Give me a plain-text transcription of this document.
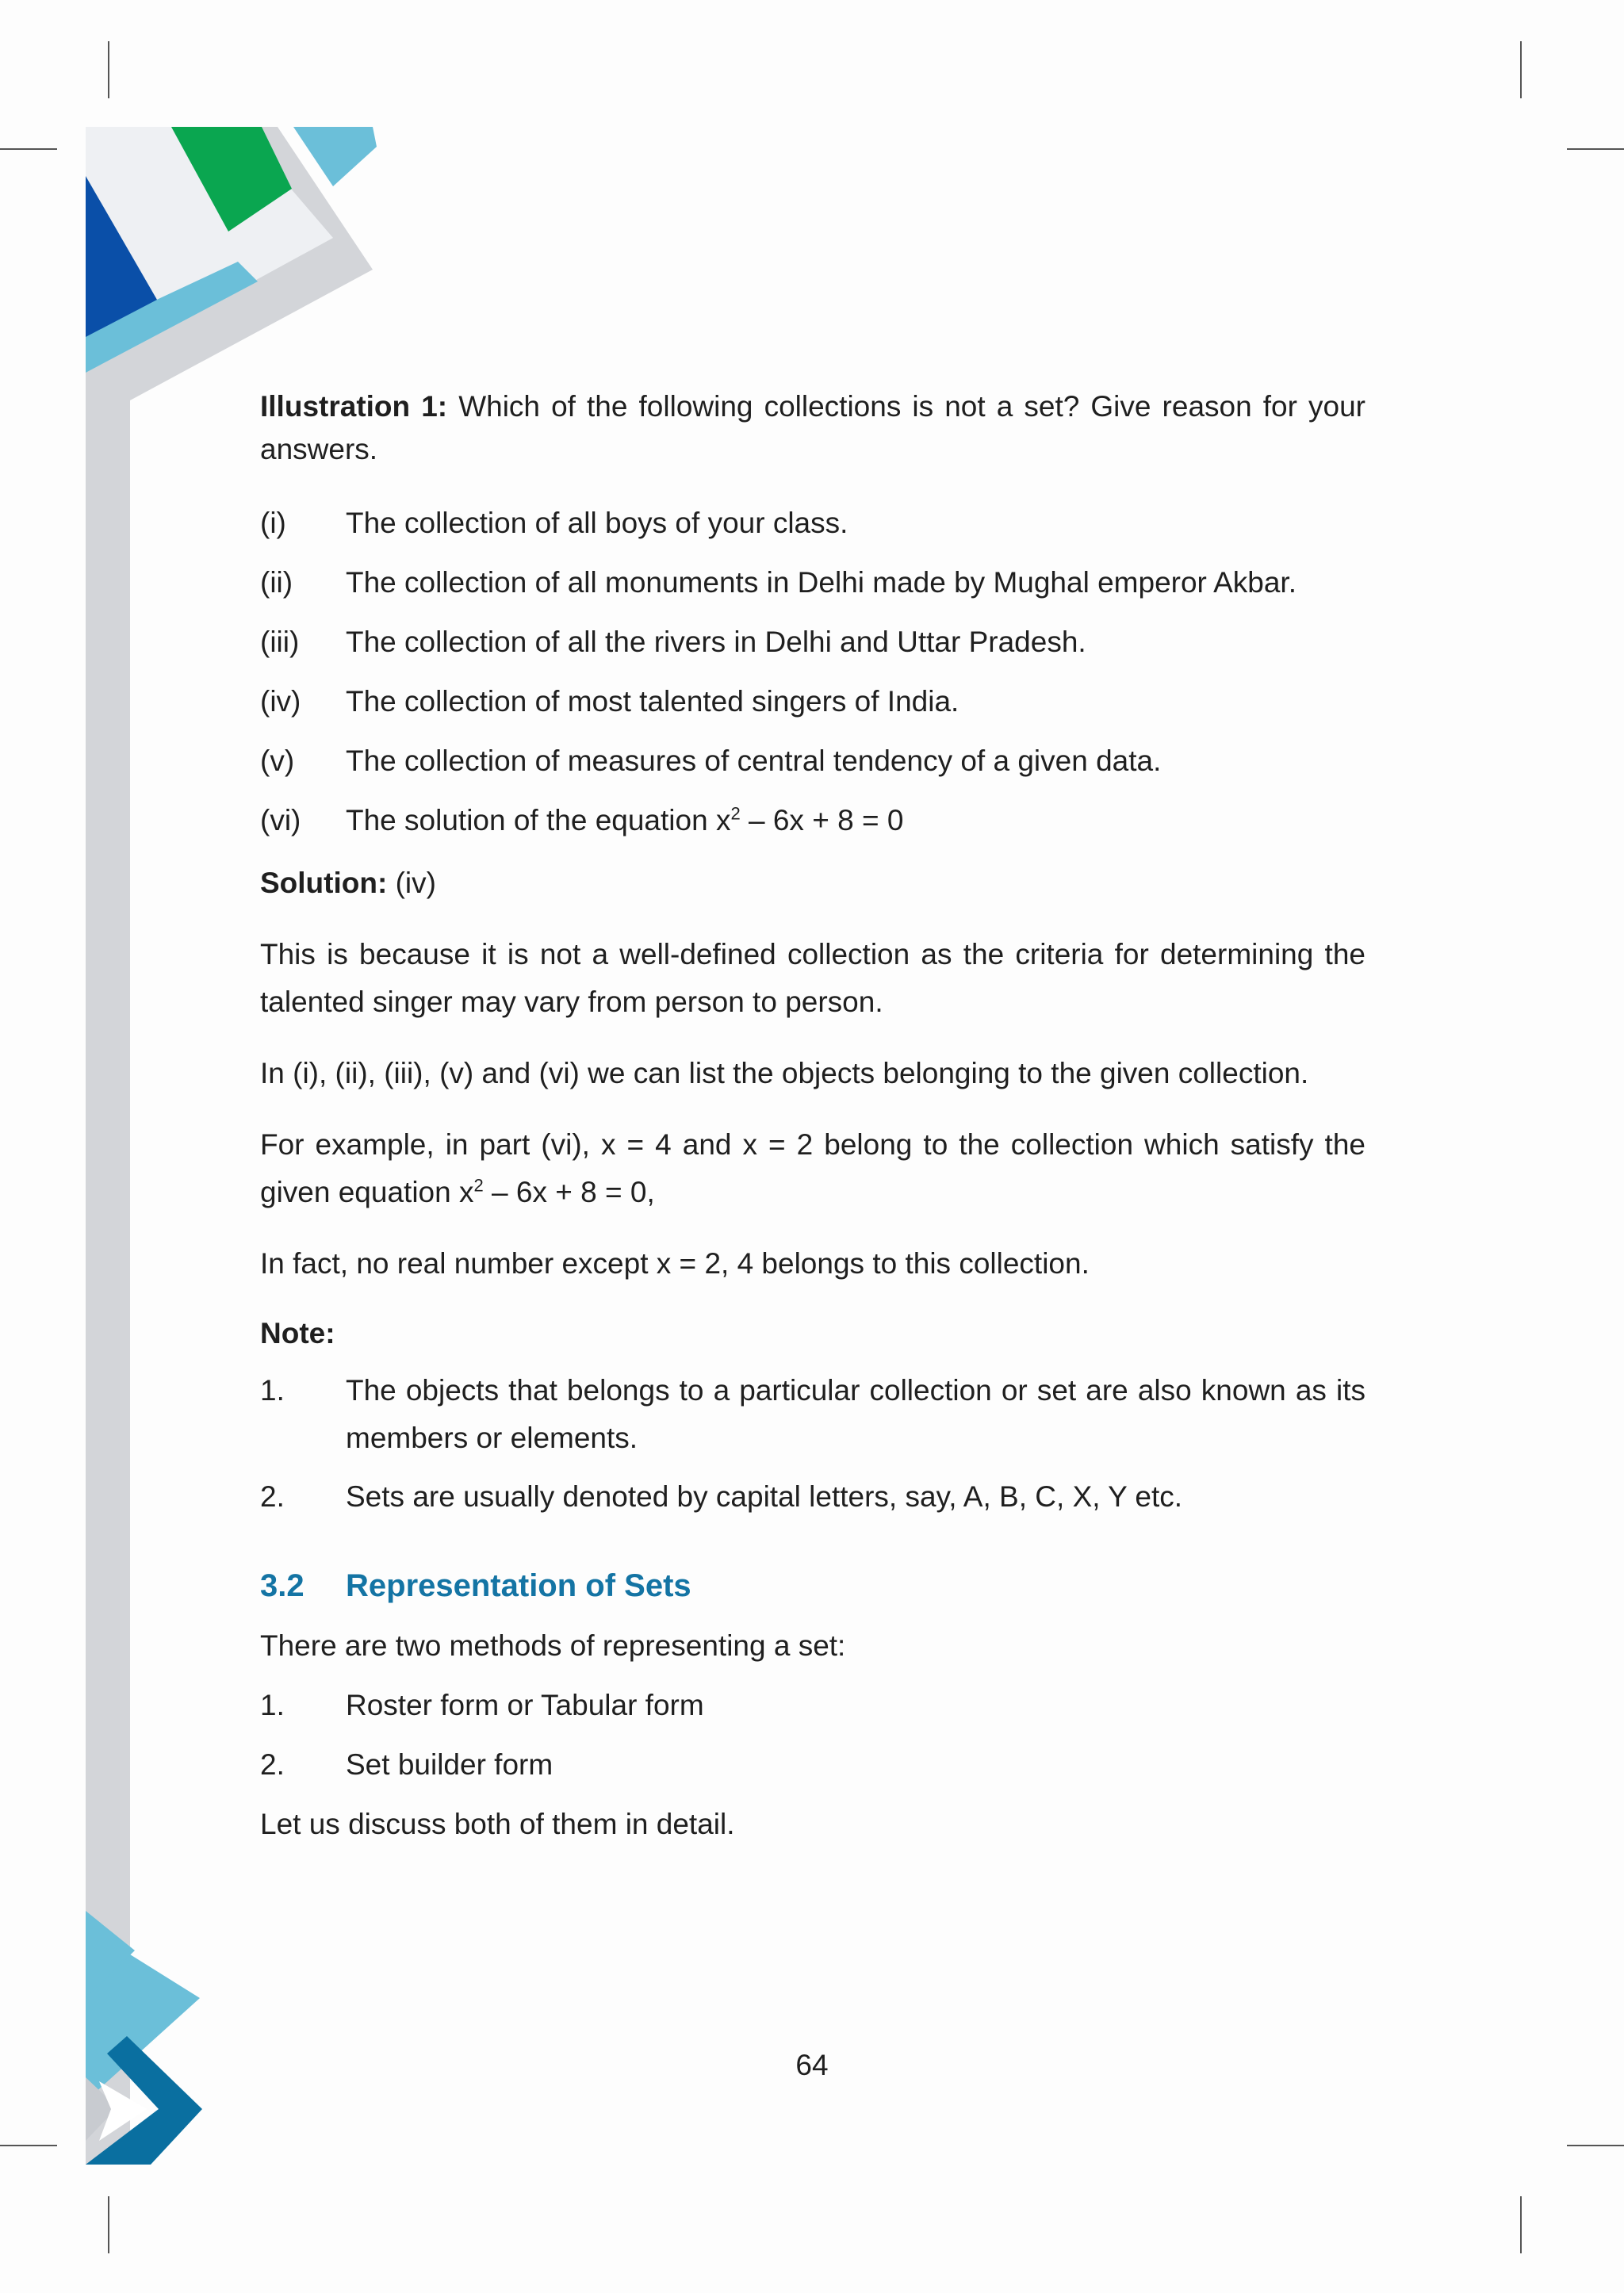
Illustration 1: Which of the following collections is not a set? Give reason for your answers.

(i)	The collection of all boys of your class.
(ii)	The collection of all monuments in Delhi made by Mughal emperor Akbar.
(iii)	The collection of all the rivers in Delhi and Uttar Pradesh.
(iv)	The collection of most talented singers of India.
(v)	The collection of measures of central tendency of a given data.
(vi)	The solution of the equation $x^2 - 6x + 8 = 0$

Solution: (iv)

This is because it is not a well-defined collection as the criteria for determining the talented singer may vary from person to person.

In (i), (ii), (iii), (v) and (vi) we can list the objects belonging to the given collection.

For example, in part (vi), x = 4 and x = 2 belong to the collection which satisfy the given equation $x^2 - 6x + 8 = 0$,

In fact, no real number except x = 2, 4 belongs to this collection.

Note:

1.	The objects that belongs to a particular collection or set are also known as its members or elements.
2.	Sets are usually denoted by capital letters, say, A, B, C, X, Y etc.
3.2	Representation of Sets

There are two methods of representing a set:

1.	Roster form or Tabular form
2.	Set builder form

Let us discuss both of them in detail.

64
